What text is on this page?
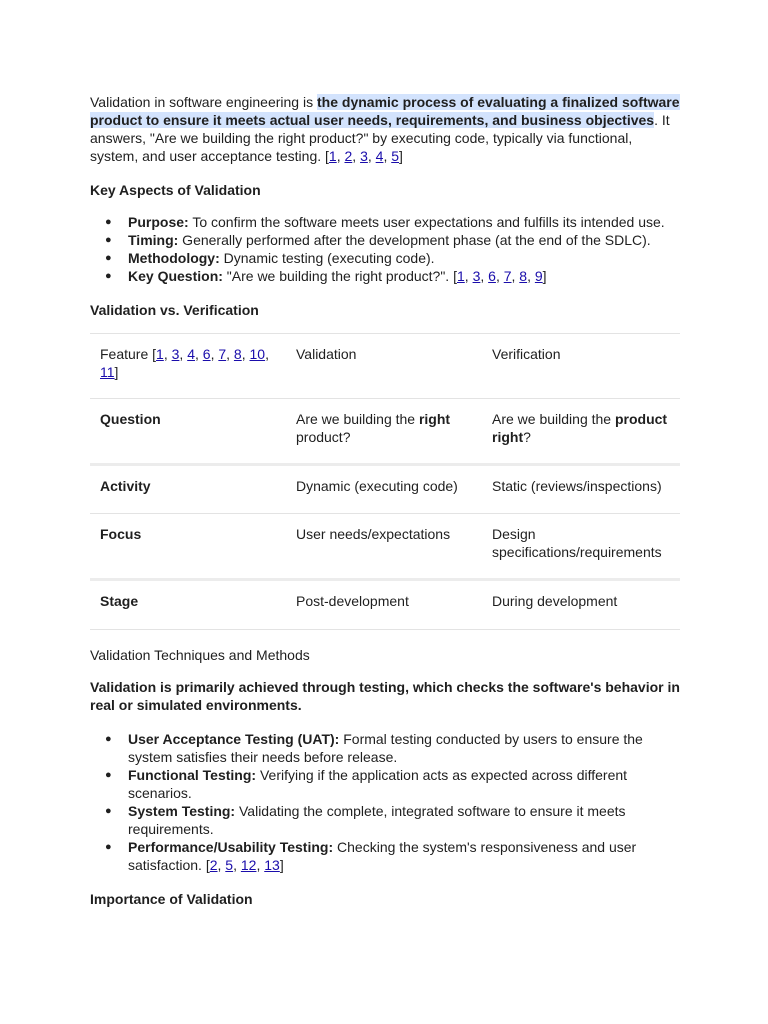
Validation in software engineering is the dynamic process of evaluating a finalized software product to ensure it meets actual user needs, requirements, and business objectives. It answers, "Are we building the right product?" by executing code, typically via functional, system, and user acceptance testing. [1, 2, 3, 4, 5]

Key Aspects of Validation

● Purpose: To confirm the software meets user expectations and fulfills its intended use.
● Timing: Generally performed after the development phase (at the end of the SDLC).
● Methodology: Dynamic testing (executing code).
● Key Question: "Are we building the right product?". [1, 3, 6, 7, 8, 9]

Validation vs. Verification

Feature [1, 3, 4, 6, 7, 8, 10, 11]	Validation	Verification
Question	Are we building the right product?	Are we building the product right?
Activity	Dynamic (executing code)	Static (reviews/inspections)
Focus	User needs/expectations	Design specifications/requirements
Stage	Post-development	During development

Validation Techniques and Methods

Validation is primarily achieved through testing, which checks the software's behavior in real or simulated environments.

● User Acceptance Testing (UAT): Formal testing conducted by users to ensure the system satisfies their needs before release.
● Functional Testing: Verifying if the application acts as expected across different scenarios.
● System Testing: Validating the complete, integrated software to ensure it meets requirements.
● Performance/Usability Testing: Checking the system's responsiveness and user satisfaction. [2, 5, 12, 13]

Importance of Validation
